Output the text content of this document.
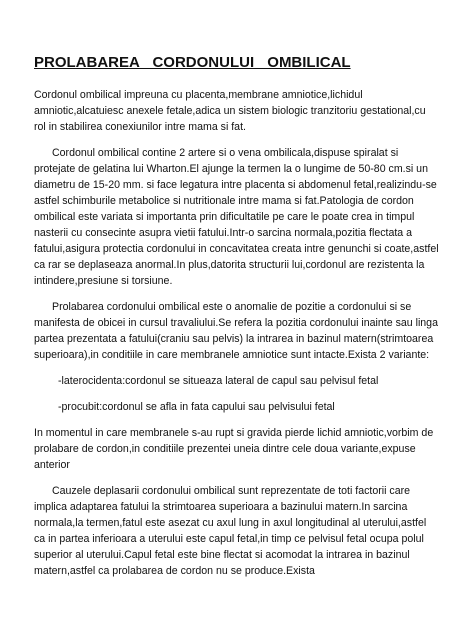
PROLABAREA CORDONULUI OMBILICAL

Cordonul ombilical impreuna cu placenta,membrane amniotice,lichidul amniotic,alcatuiesc anexele fetale,adica un sistem biologic tranzitoriu gestational,cu rol in stabilirea conexiunilor intre mama si fat.

Cordonul ombilical contine 2 artere si o vena ombilicala,dispuse spiralat si protejate de gelatina lui Wharton.El ajunge la termen la o lungime de 50-80 cm.si un diametru de 15-20 mm. si face legatura intre placenta si abdomenul fetal,realizindu-se astfel schimburile metabolice si nutritionale intre mama si fat.Patologia de cordon ombilical este variata si importanta prin dificultatile pe care le poate crea in timpul nasterii cu consecinte asupra vietii fatului.Intr-o sarcina normala,pozitia flectata a fatului,asigura protectia cordonului in concavitatea creata intre genunchi si coate,astfel ca rar se deplaseaza anormal.In plus,datorita structurii lui,cordonul are rezistenta la intindere,presiune si torsiune.

Prolabarea cordonului ombilical este o anomalie de pozitie a cordonului si se manifesta de obicei in cursul travaliului.Se refera la pozitia cordonului inainte sau linga partea prezentata a fatului(craniu sau pelvis) la intrarea in bazinul matern(strimtoarea superioara),in conditiile in care membranele amniotice sunt intacte.Exista 2 variante:

-laterocidenta:cordonul se situeaza lateral de capul sau pelvisul fetal

-procubit:cordonul se afla in fata capului sau pelvisului fetal

In momentul in care membranele s-au rupt si gravida pierde lichid amniotic,vorbim de prolabare de cordon,in conditiile prezentei uneia dintre cele doua variante,expuse anterior

Cauzele deplasarii cordonului ombilical sunt reprezentate de toti factorii care implica adaptarea fatului la strimtoarea superioara a bazinului matern.In sarcina normala,la termen,fatul este asezat cu axul lung in axul longitudinal al uterului,astfel ca in partea inferioara a uterului este capul fetal,in timp ce pelvisul fetal ocupa polul superior al uterului.Capul fetal este bine flectat si acomodat la intrarea in bazinul matern,astfel ca prolabarea de cordon nu se produce.Exista
